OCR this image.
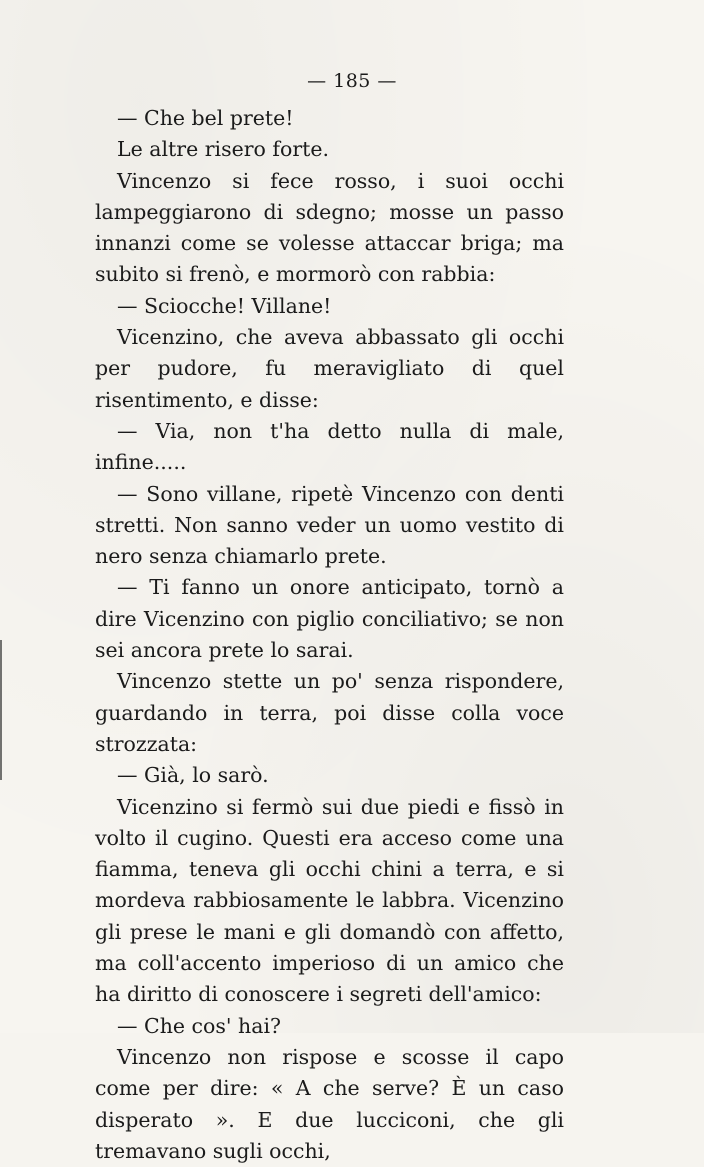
— 185 —

— Che bel prete!

Le altre risero forte.

Vincenzo si fece rosso, i suoi occhi lampeggiarono di sdegno; mosse un passo innanzi come se volesse attaccar briga; ma subito si frenò, e mormorò con rabbia:

— Sciocche! Villane!

Vicenzino, che aveva abbassato gli occhi per pudore, fu meravigliato di quel risentimento, e disse:

— Via, non t'ha detto nulla di male, infine.....

— Sono villane, ripetè Vincenzo con denti stretti. Non sanno veder un uomo vestito di nero senza chiamarlo prete.

— Ti fanno un onore anticipato, tornò a dire Vicenzino con piglio conciliativo; se non sei ancora prete lo sarai.

Vincenzo stette un po' senza rispondere, guardando in terra, poi disse colla voce strozzata:

— Già, lo sarò.

Vicenzino si fermò sui due piedi e fissò in volto il cugino. Questi era acceso come una fiamma, teneva gli occhi chini a terra, e si mordeva rabbiosamente le labbra. Vicenzino gli prese le mani e gli domandò con affetto, ma coll'accento imperioso di un amico che ha diritto di conoscere i segreti dell'amico:

— Che cos' hai?

Vincenzo non rispose e scosse il capo come per dire: « A che serve? È un caso disperato ». E due lucciconi, che gli tremavano sugli occhi,
